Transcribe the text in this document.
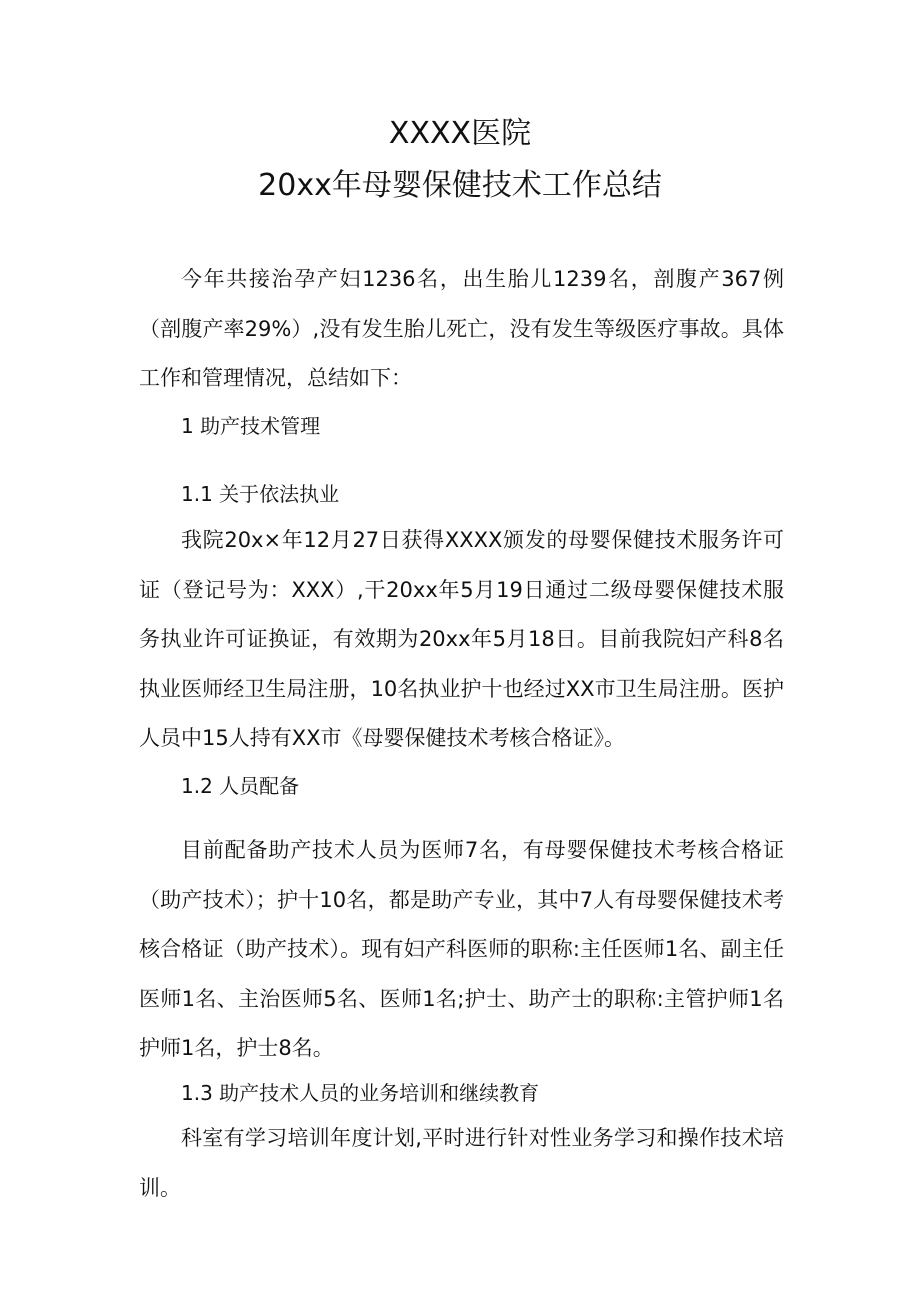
XXXX医院
20xx年母婴保健技术工作总结

今年共接治孕产妇1236名，出生胎儿1239名，剖腹产367例（剖腹产率29%）,没有发生胎儿死亡，没有发生等级医疗事故。具体工作和管理情况，总结如下：

1 助产技术管理

1.1 关于依法执业

我院20x×年12月27日获得XXXX颁发的母婴保健技术服务许可证（登记号为：XXX）,干20xx年5月19日通过二级母婴保健技术服务执业许可证换证，有效期为20xx年5月18日。目前我院妇产科8名执业医师经卫生局注册，10名执业护十也经过XX市卫生局注册。医护人员中15人持有XX市《母婴保健技术考核合格证》。

1.2 人员配备

目前配备助产技术人员为医师7名，有母婴保健技术考核合格证（助产技术）；护十10名，都是助产专业，其中7人有母婴保健技术考核合格证（助产技术）。现有妇产科医师的职称:主任医师1名、副主任医师1名、主治医师5名、医师1名;护士、助产士的职称:主管护师1名护师1名，护士8名。

1.3 助产技术人员的业务培训和继续教育

科室有学习培训年度计划,平时进行针对性业务学习和操作技术培训。
